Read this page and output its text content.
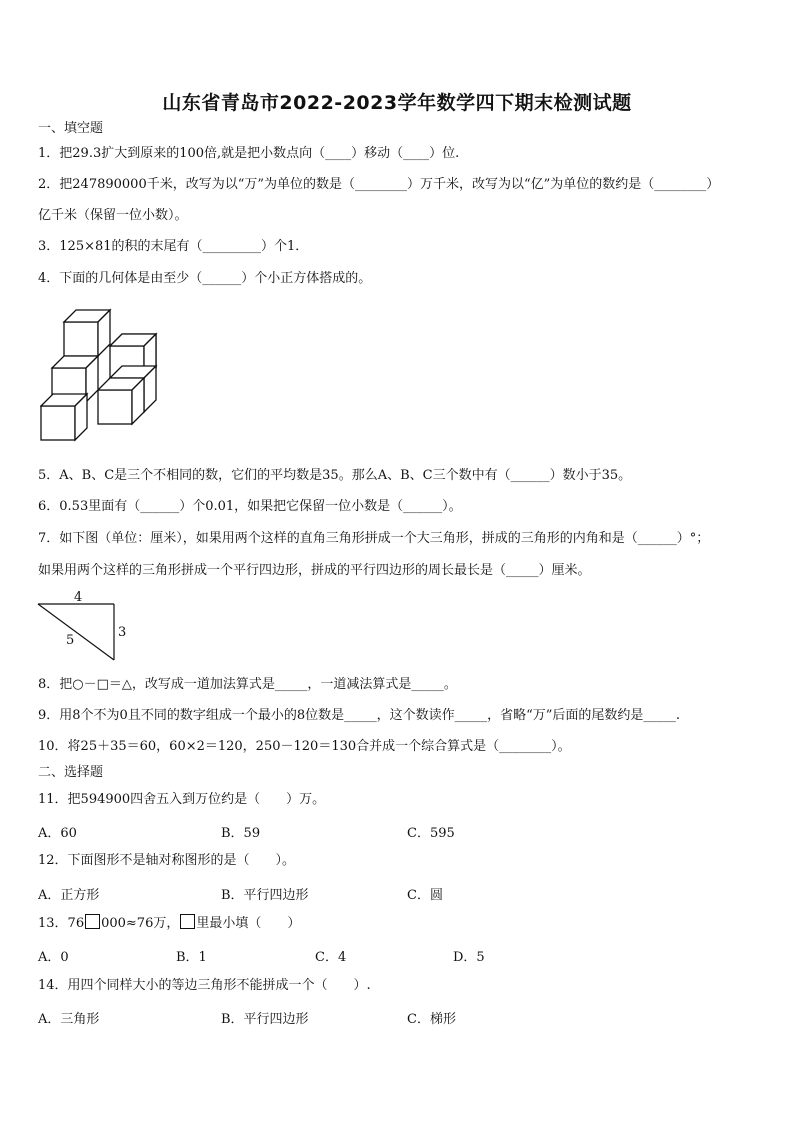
山东省青岛市2022-2023学年数学四下期末检测试题
一、填空题
1．把29.3扩大到原来的100倍,就是把小数点向（____）移动（____）位.
2．把247890000千米，改写为以“万”为单位的数是（________）万千米，改写为以“亿”为单位的数约是（________）
亿千米（保留一位小数）。
3．125×81的积的末尾有（_________）个1．
4．下面的几何体是由至少（______）个小正方体搭成的。
5．A、B、C是三个不相同的数，它们的平均数是35。那么A、B、C三个数中有（______）数小于35。
6．0.53里面有（______）个0.01，如果把它保留一位小数是（______）。
7．如下图（单位：厘米），如果用两个这样的直角三角形拼成一个大三角形，拼成的三角形的内角和是（______）°；
如果用两个这样的三角形拼成一个平行四边形，拼成的平行四边形的周长最长是（_____）厘米。
4
3
5
8．把○－□＝△，改写成一道加法算式是_____，一道减法算式是_____。
9．用8个不为0且不同的数字组成一个最小的8位数是_____，这个数读作_____，省略“万”后面的尾数约是_____.
10．将25＋35＝60，60×2＝120，250－120＝130合并成一个综合算式是（________）。
二、选择题
11．把594900四舍五入到万位约是（　　）万。
A．60	B．59	C．595
12．下面图形不是轴对称图形的是（　　）。
A．正方形	B．平行四边形	C．圆
13．76 000≈76万， 里最小填（　　）
A．0	B．1	C．4	D．5
14．用四个同样大小的等边三角形不能拼成一个（　　）.
A．三角形	B．平行四边形	C．梯形
